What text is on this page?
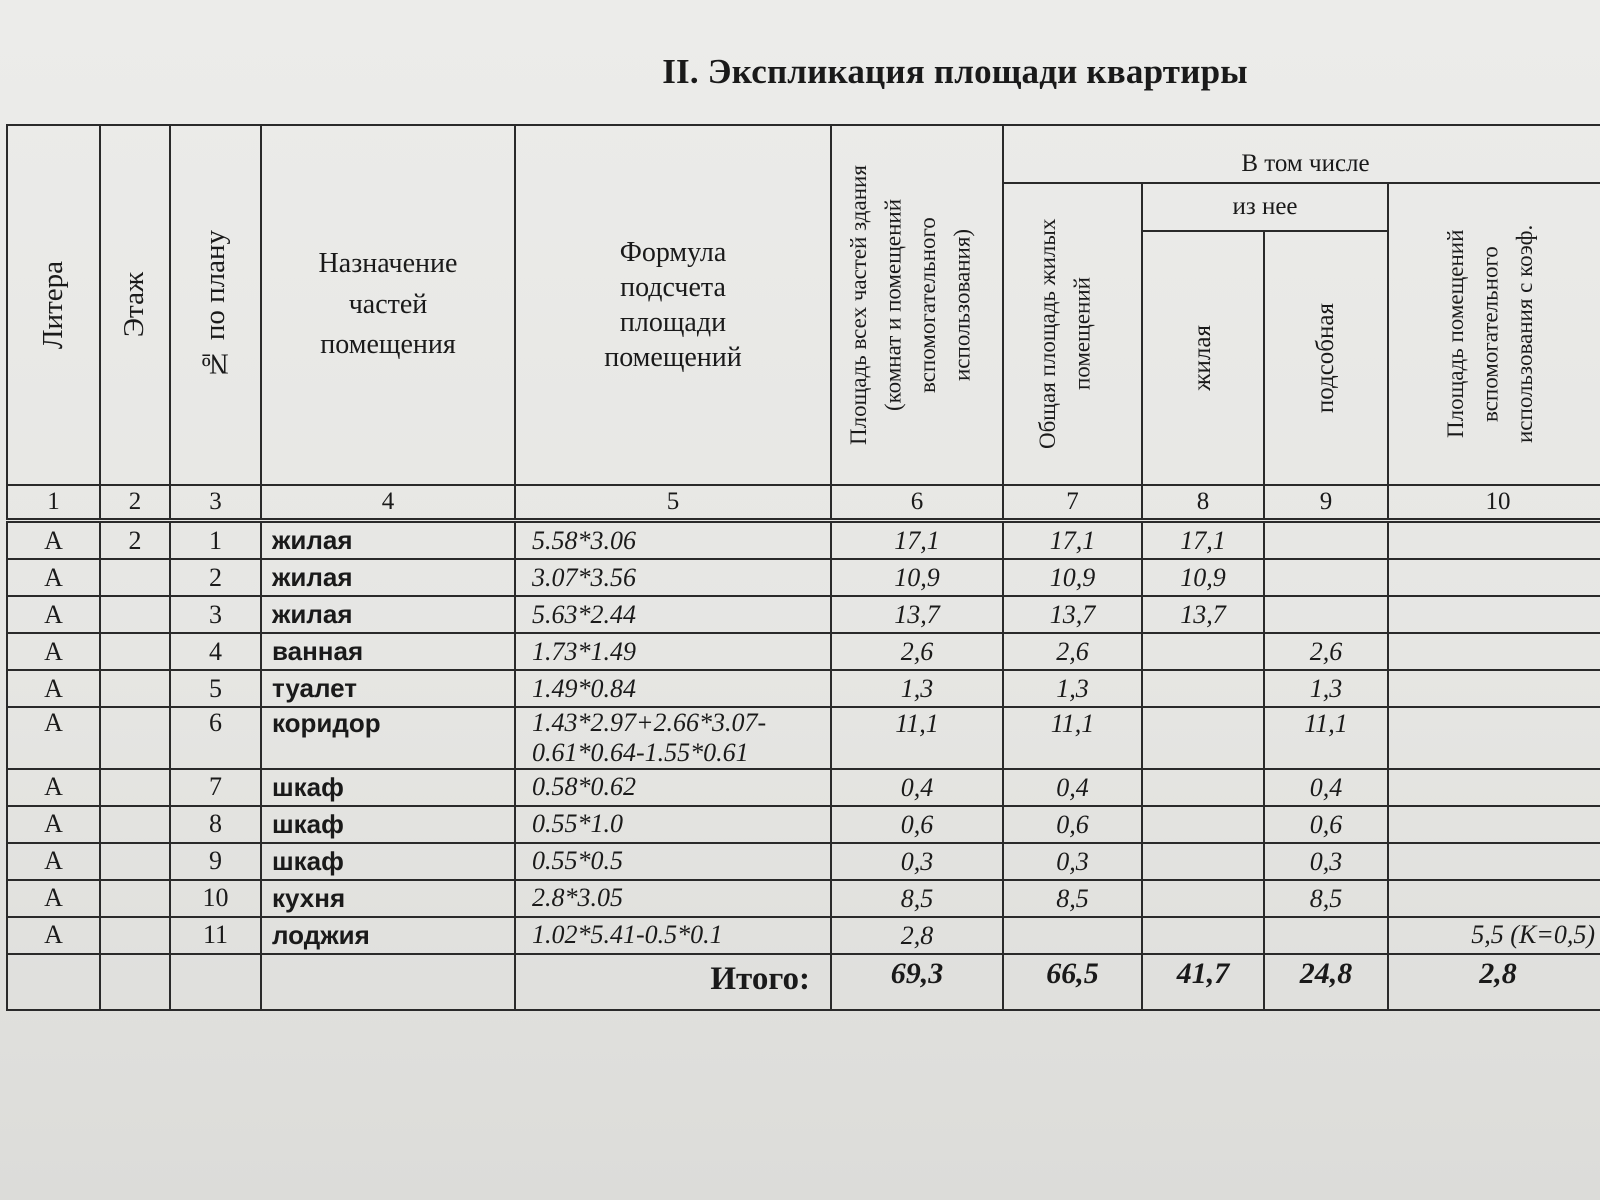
II. Экспликация площади квартиры
Литера	Этаж	№ по плану	Назначение частей помещения	Формула подсчета площади помещений	Площадь всех частей здания (комнат и помещений вспомогательного использования)	В том числе			

						Общая площадь жилых помещений	из нее		Площадь помещений вспомогательного использования с коэф.

							жилая	подсобная	

1	2	3	4	5	6	7	8	9	10
А	2	1	жилая	5.58*3.06	17,1	17,1	17,1		
А		2	жилая	3.07*3.56	10,9	10,9	10,9		
А		3	жилая	5.63*2.44	13,7	13,7	13,7		
А		4	ванная	1.73*1.49	2,6	2,6		2,6	
А		5	туалет	1.49*0.84	1,3	1,3		1,3	
А		6	коридор	1.43*2.97+2.66*3.07-0.61*0.64-1.55*0.61	11,1	11,1		11,1	
А		7	шкаф	0.58*0.62	0,4	0,4		0,4	
А		8	шкаф	0.55*1.0	0,6	0,6		0,6	
А		9	шкаф	0.55*0.5	0,3	0,3		0,3	
А		10	кухня	2.8*3.05	8,5	8,5		8,5	
А		11	лоджия	1.02*5.41-0.5*0.1	2,8				5,5 (K=0,5)
				Итого:	69,3	66,5	41,7	24,8	2,8
